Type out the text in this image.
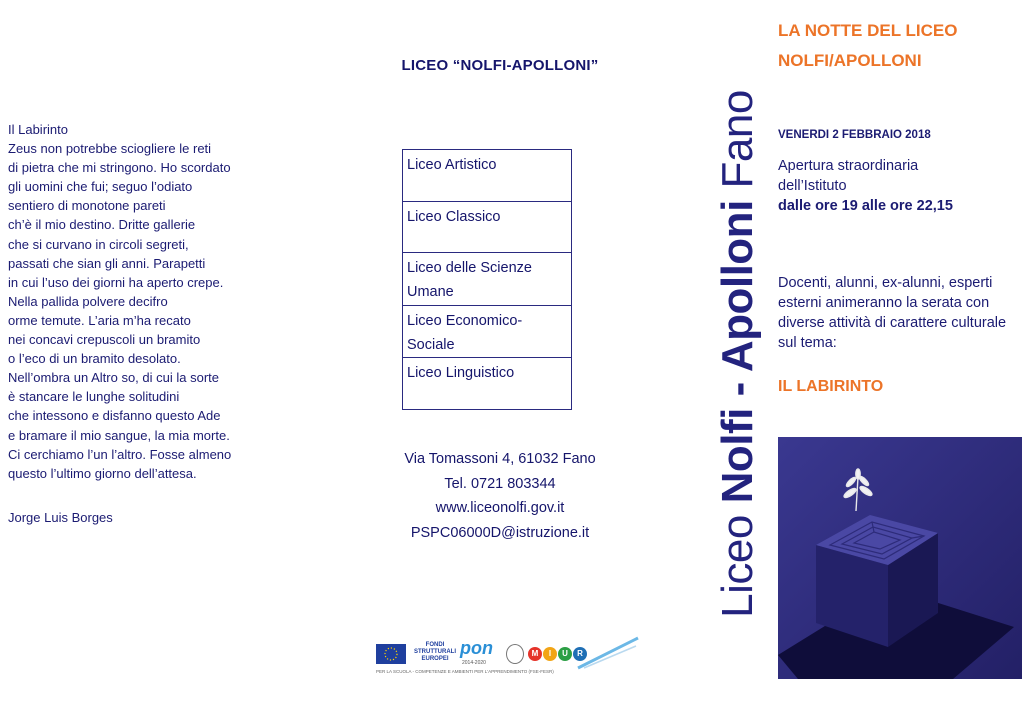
Il Labirinto
Zeus non potrebbe sciogliere le reti
di pietra che mi stringono. Ho scordato
gli uomini che fui; seguo l’odiato
sentiero di monotone pareti
ch’è il mio destino. Dritte gallerie
che si curvano in circoli segreti,
passati che sian gli anni. Parapetti
in cui l’uso dei giorni ha aperto crepe.
Nella pallida polvere decifro
orme temute. L’aria m’ha recato
nei concavi crepuscoli un bramito
o l’eco di un bramito desolato.
Nell’ombra un Altro so, di cui la sorte
è stancare le lunghe solitudini
che intessono e disfanno questo Ade
e bramare il mio sangue, la mia morte.
Ci cerchiamo l’un l’altro. Fosse almeno
questo l’ultimo giorno dell’attesa.
Jorge Luis Borges
LICEO “NOLFI-APOLLONI”
Liceo Artistico
Liceo Classico
Liceo delle Scienze Umane
Liceo Economico-Sociale
Liceo Linguistico
Via Tomassoni 4, 61032 Fano
Tel. 0721 803344
www.liceonolfi.gov.it
PSPC06000D@istruzione.it
FONDI STRUTTURALI EUROPEI
pon
2014-2020
M I U R
PER LA SCUOLA - COMPETENZE E AMBIENTI PER L'APPRENDIMENTO (FSE-FESR)
Liceo Nolfi - Apolloni Fano
LA NOTTE DEL LICEO
NOLFI/APOLLONI
VENERDI 2 FEBBRAIO 2018
Apertura straordinaria
dell’Istituto
dalle ore 19 alle ore 22,15
Docenti, alunni, ex-alunni, esperti esterni animeranno la serata con diverse attività di carattere culturale sul tema:
IL LABIRINTO
